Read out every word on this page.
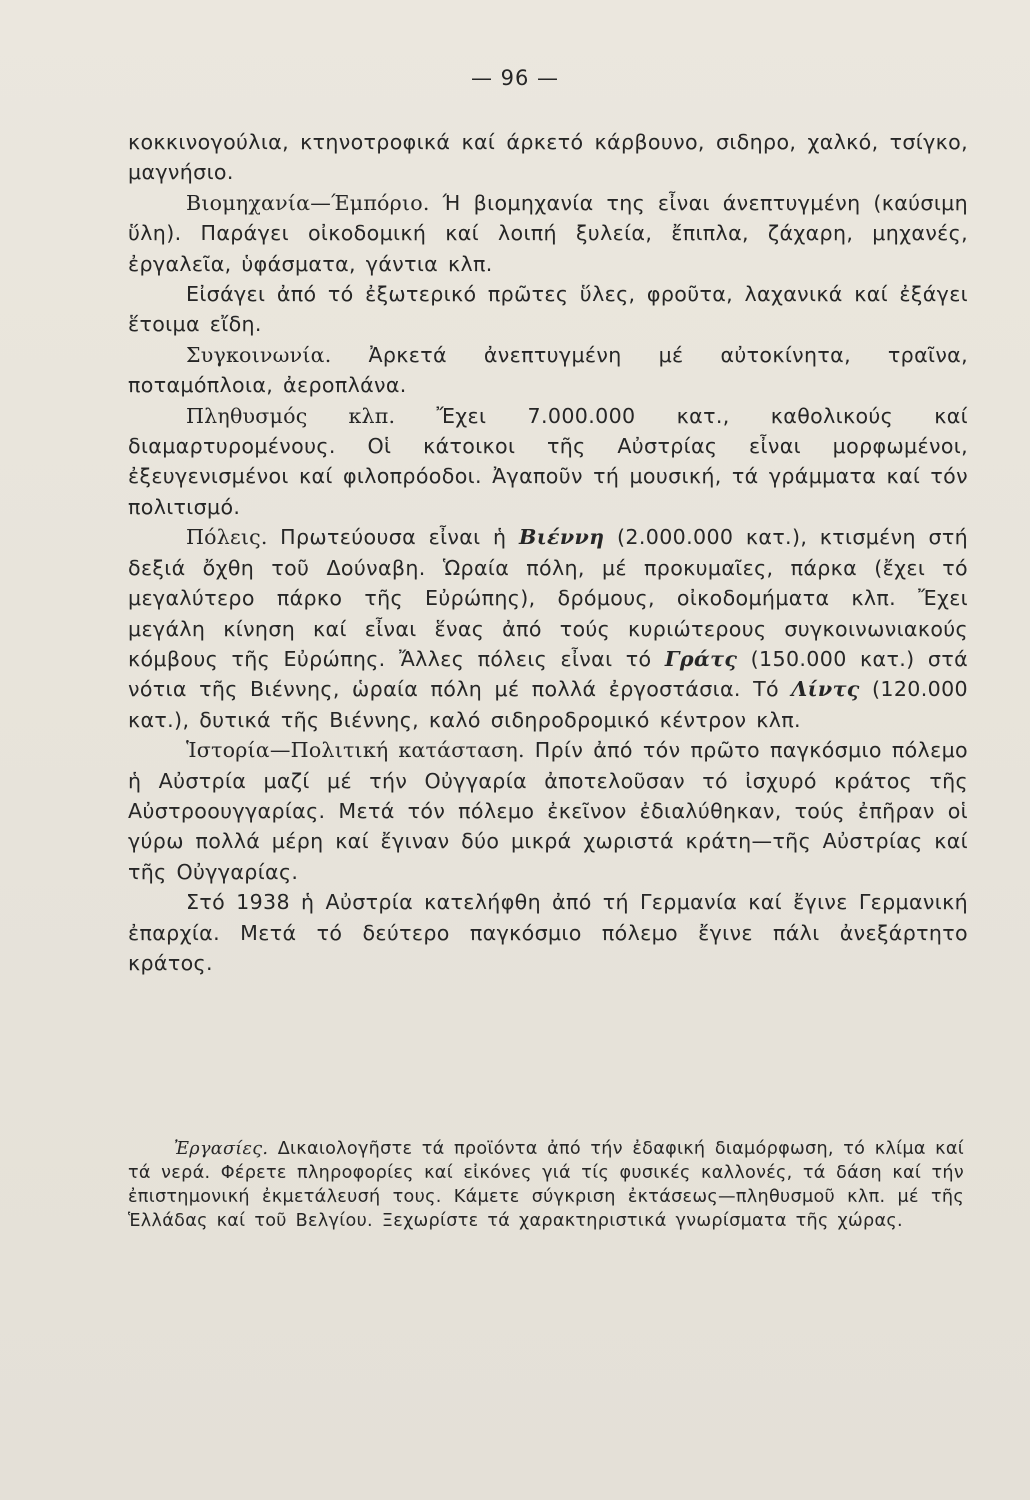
— 96 —

κοκκινογούλια, κτηνοτροφικά καί άρκετό κάρβουνο, σιδηρο, χαλκό, τσίγκο, μαγνήσιο.

Βιομηχανία—Έμπόριο. Ή βιομηχανία της εἶναι άνεπτυγμένη (καύσιμη ὕλη). Παράγει οἰκοδομική καί λοιπή ξυλεία, ἔπιπλα, ζάχαρη, μηχανές, ἐργαλεῖα, ὑφάσματα, γάντια κλπ.

Εἰσάγει ἀπό τό ἐξωτερικό πρῶτες ὕλες, φροῦτα, λαχανικά καί ἐξάγει ἕτοιμα εἴδη.

Συγκοινωνία. Ἀρκετά ἀνεπτυγμένη μέ αὐτοκίνητα, τραῖνα, ποταμόπλοια, ἀεροπλάνα.

Πληθυσμός κλπ. Ἔχει 7.000.000 κατ., καθολικούς καί διαμαρτυρομένους. Οἱ κάτοικοι τῆς Αὐστρίας εἶναι μορφωμένοι, ἐξευγενισμένοι καί φιλοπρόοδοι. Ἀγαποῦν τή μουσική, τά γράμματα καί τόν πολιτισμό.

Πόλεις. Πρωτεύουσα εἶναι ἡ Βιέννη (2.000.000 κατ.), κτισμένη στή δεξιά ὄχθη τοῦ Δούναβη. Ὡραία πόλη, μέ προκυμαῖες, πάρκα (ἔχει τό μεγαλύτερο πάρκο τῆς Εὐρώπης), δρόμους, οἰκοδομήματα κλπ. Ἔχει μεγάλη κίνηση καί εἶναι ἕνας ἀπό τούς κυριώτερους συγκοινωνιακούς κόμβους τῆς Εὐρώπης. Ἄλλες πόλεις εἶναι τό Γράτς (150.000 κατ.) στά νότια τῆς Βιέννης, ὡραία πόλη μέ πολλά ἐργοστάσια. Τό Λίντς (120.000 κατ.), δυτικά τῆς Βιέννης, καλό σιδηροδρομικό κέντρον κλπ.

Ἱστορία—Πολιτική κατάσταση. Πρίν ἀπό τόν πρῶτο παγκόσμιο πόλεμο ἡ Αὐστρία μαζί μέ τήν Οὐγγαρία ἀποτελοῦσαν τό ἰσχυρό κράτος τῆς Αὐστροουγγαρίας. Μετά τόν πόλεμο ἐκεῖνον ἐδιαλύθηκαν, τούς ἐπῆραν οἱ γύρω πολλά μέρη καί ἔγιναν δύο μικρά χωριστά κράτη—τῆς Αὐστρίας καί τῆς Οὐγγαρίας.

Στό 1938 ἡ Αὐστρία κατελήφθη ἀπό τή Γερμανία καί ἔγινε Γερμανική ἐπαρχία. Μετά τό δεύτερο παγκόσμιο πόλεμο ἔγινε πάλι ἀνεξάρτητο κράτος.

Ἐργασίες. Δικαιολογῆστε τά προϊόντα ἀπό τήν ἐδαφική διαμόρφωση, τό κλίμα καί τά νερά. Φέρετε πληροφορίες καί εἰκόνες γιά τίς φυσικές καλλονές, τά δάση καί τήν ἐπιστημονική ἐκμετάλευσή τους. Κάμετε σύγκριση ἐκτάσεως—πληθυσμοῦ κλπ. μέ τῆς Ἑλλάδας καί τοῦ Βελγίου. Ξεχωρίστε τά χαρακτηριστικά γνωρίσματα τῆς χώρας.
